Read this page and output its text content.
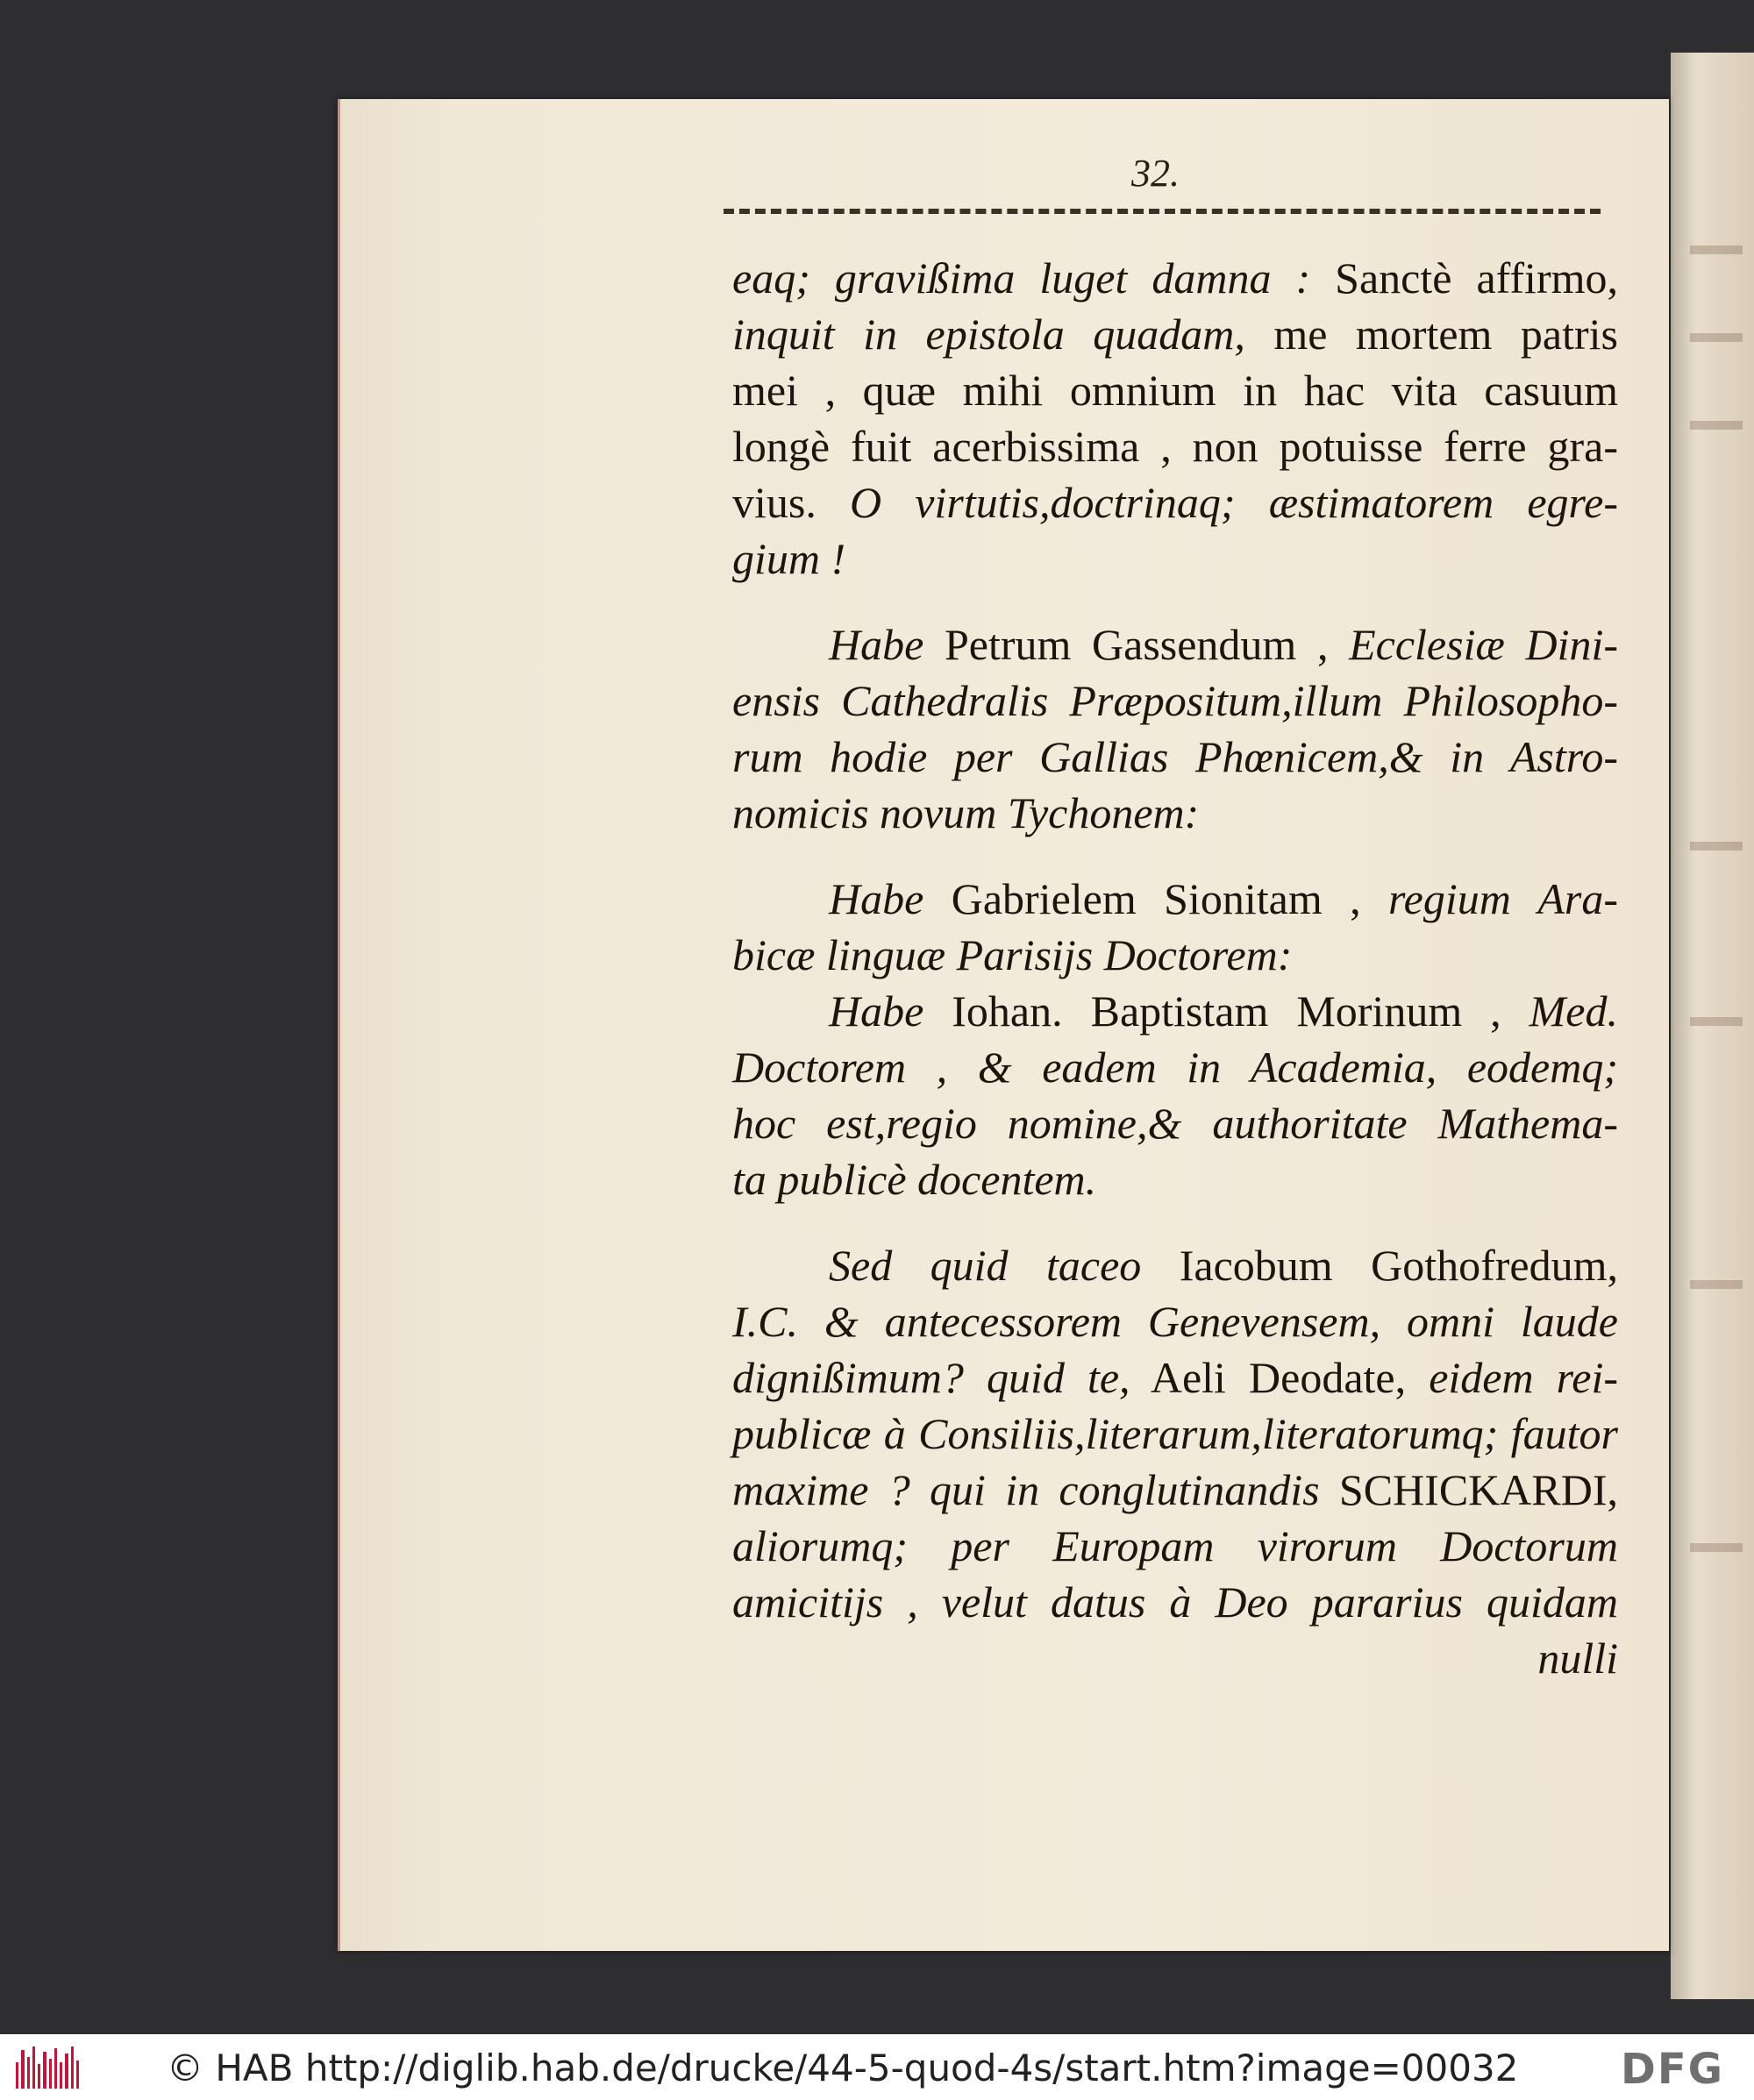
32.
eaq; gravißima luget damna : Sanctè affirmo,
inquit in epistola quadam, me mortem patris
mei , quæ mihi omnium in hac vita casuum
longè fuit acerbissima , non potuisse ferre gra-
vius. O virtutis,doctrinaq; æstimatorem egre-
gium !
Habe Petrum Gassendum , Ecclesiæ Dini-
ensis Cathedralis Præpositum,illum Philosopho-
rum hodie per Gallias Phœnicem,& in Astro-
nomicis novum Tychonem:
Habe Gabrielem Sionitam , regium Ara-
bicæ linguæ Parisijs Doctorem:
Habe Iohan. Baptistam Morinum , Med.
Doctorem , & eadem in Academia, eodemq;
hoc est,regio nomine,& authoritate Mathema-
ta publicè docentem.
Sed quid taceo Iacobum Gothofredum,
I.C. & antecessorem Genevensem, omni laude
dignißimum? quid te, Aeli Deodate, eidem rei-
publicæ à Consiliis,literarum,literatorumq; fautor
maxime ? qui in conglutinandis SCHICKARDI,
aliorumq; per Europam virorum Doctorum
amicitijs , velut datus à Deo pararius quidam
nulli
© HAB http://diglib.hab.de/drucke/44-5-quod-4s/start.htm?image=00032 DFG
